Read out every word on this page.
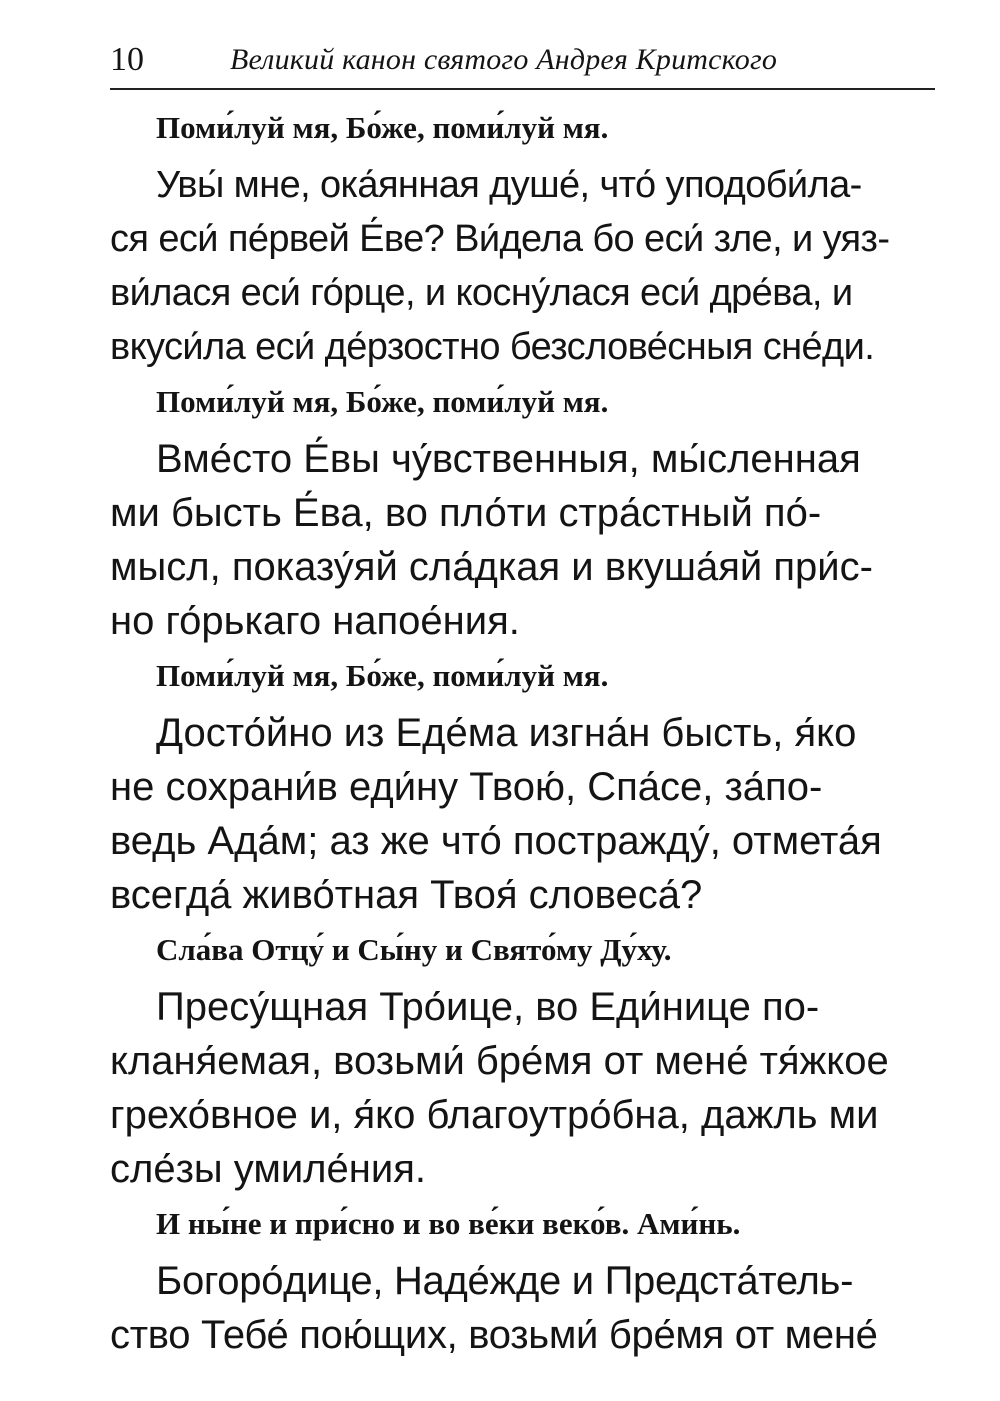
10	Великий канон святого Андрея Критского
Поми́луй мя, Бо́же, поми́луй мя.
Увы́ мне, ока́янная душе́, что́ уподоби́ла-
ся еси́ пе́рвей Е́ве? Ви́дела бо еси́ зле, и уяз-
ви́лася еси́ го́рце, и косну́лася еси́ дре́ва, и
вкуси́ла еси́ де́рзостно безслове́сныя сне́ди.
Поми́луй мя, Бо́же, поми́луй мя.
Вме́сто Е́вы чу́вственныя, мы́сленная
ми бысть Е́ва, во пло́ти стра́стный по́-
мысл, показу́яй сла́дкая и вкуша́яй при́с-
но го́рькаго напое́ния.
Поми́луй мя, Бо́же, поми́луй мя.
Досто́йно из Еде́ма изгна́н бысть, я́ко
не сохрани́в еди́ну Твою́, Спа́се, за́по-
ведь Ада́м; аз же что́ постражду́, отмета́я
всегда́ живо́тная Твоя́ словеса́?
Сла́ва Отцу́ и Сы́ну и Свято́му Ду́ху.
Пресу́щная Тро́ице, во Еди́нице по-
кланя́емая, возьми́ бре́мя от мене́ тя́жкое
грехо́вное и, я́ко благоутро́бна, дажль ми
сле́зы умиле́ния.
И ны́не и при́сно и во ве́ки веко́в. Ами́нь.
Богоро́дице, Наде́жде и Предста́тель-
ство Тебе́ пою́щих, возьми́ бре́мя от мене́
